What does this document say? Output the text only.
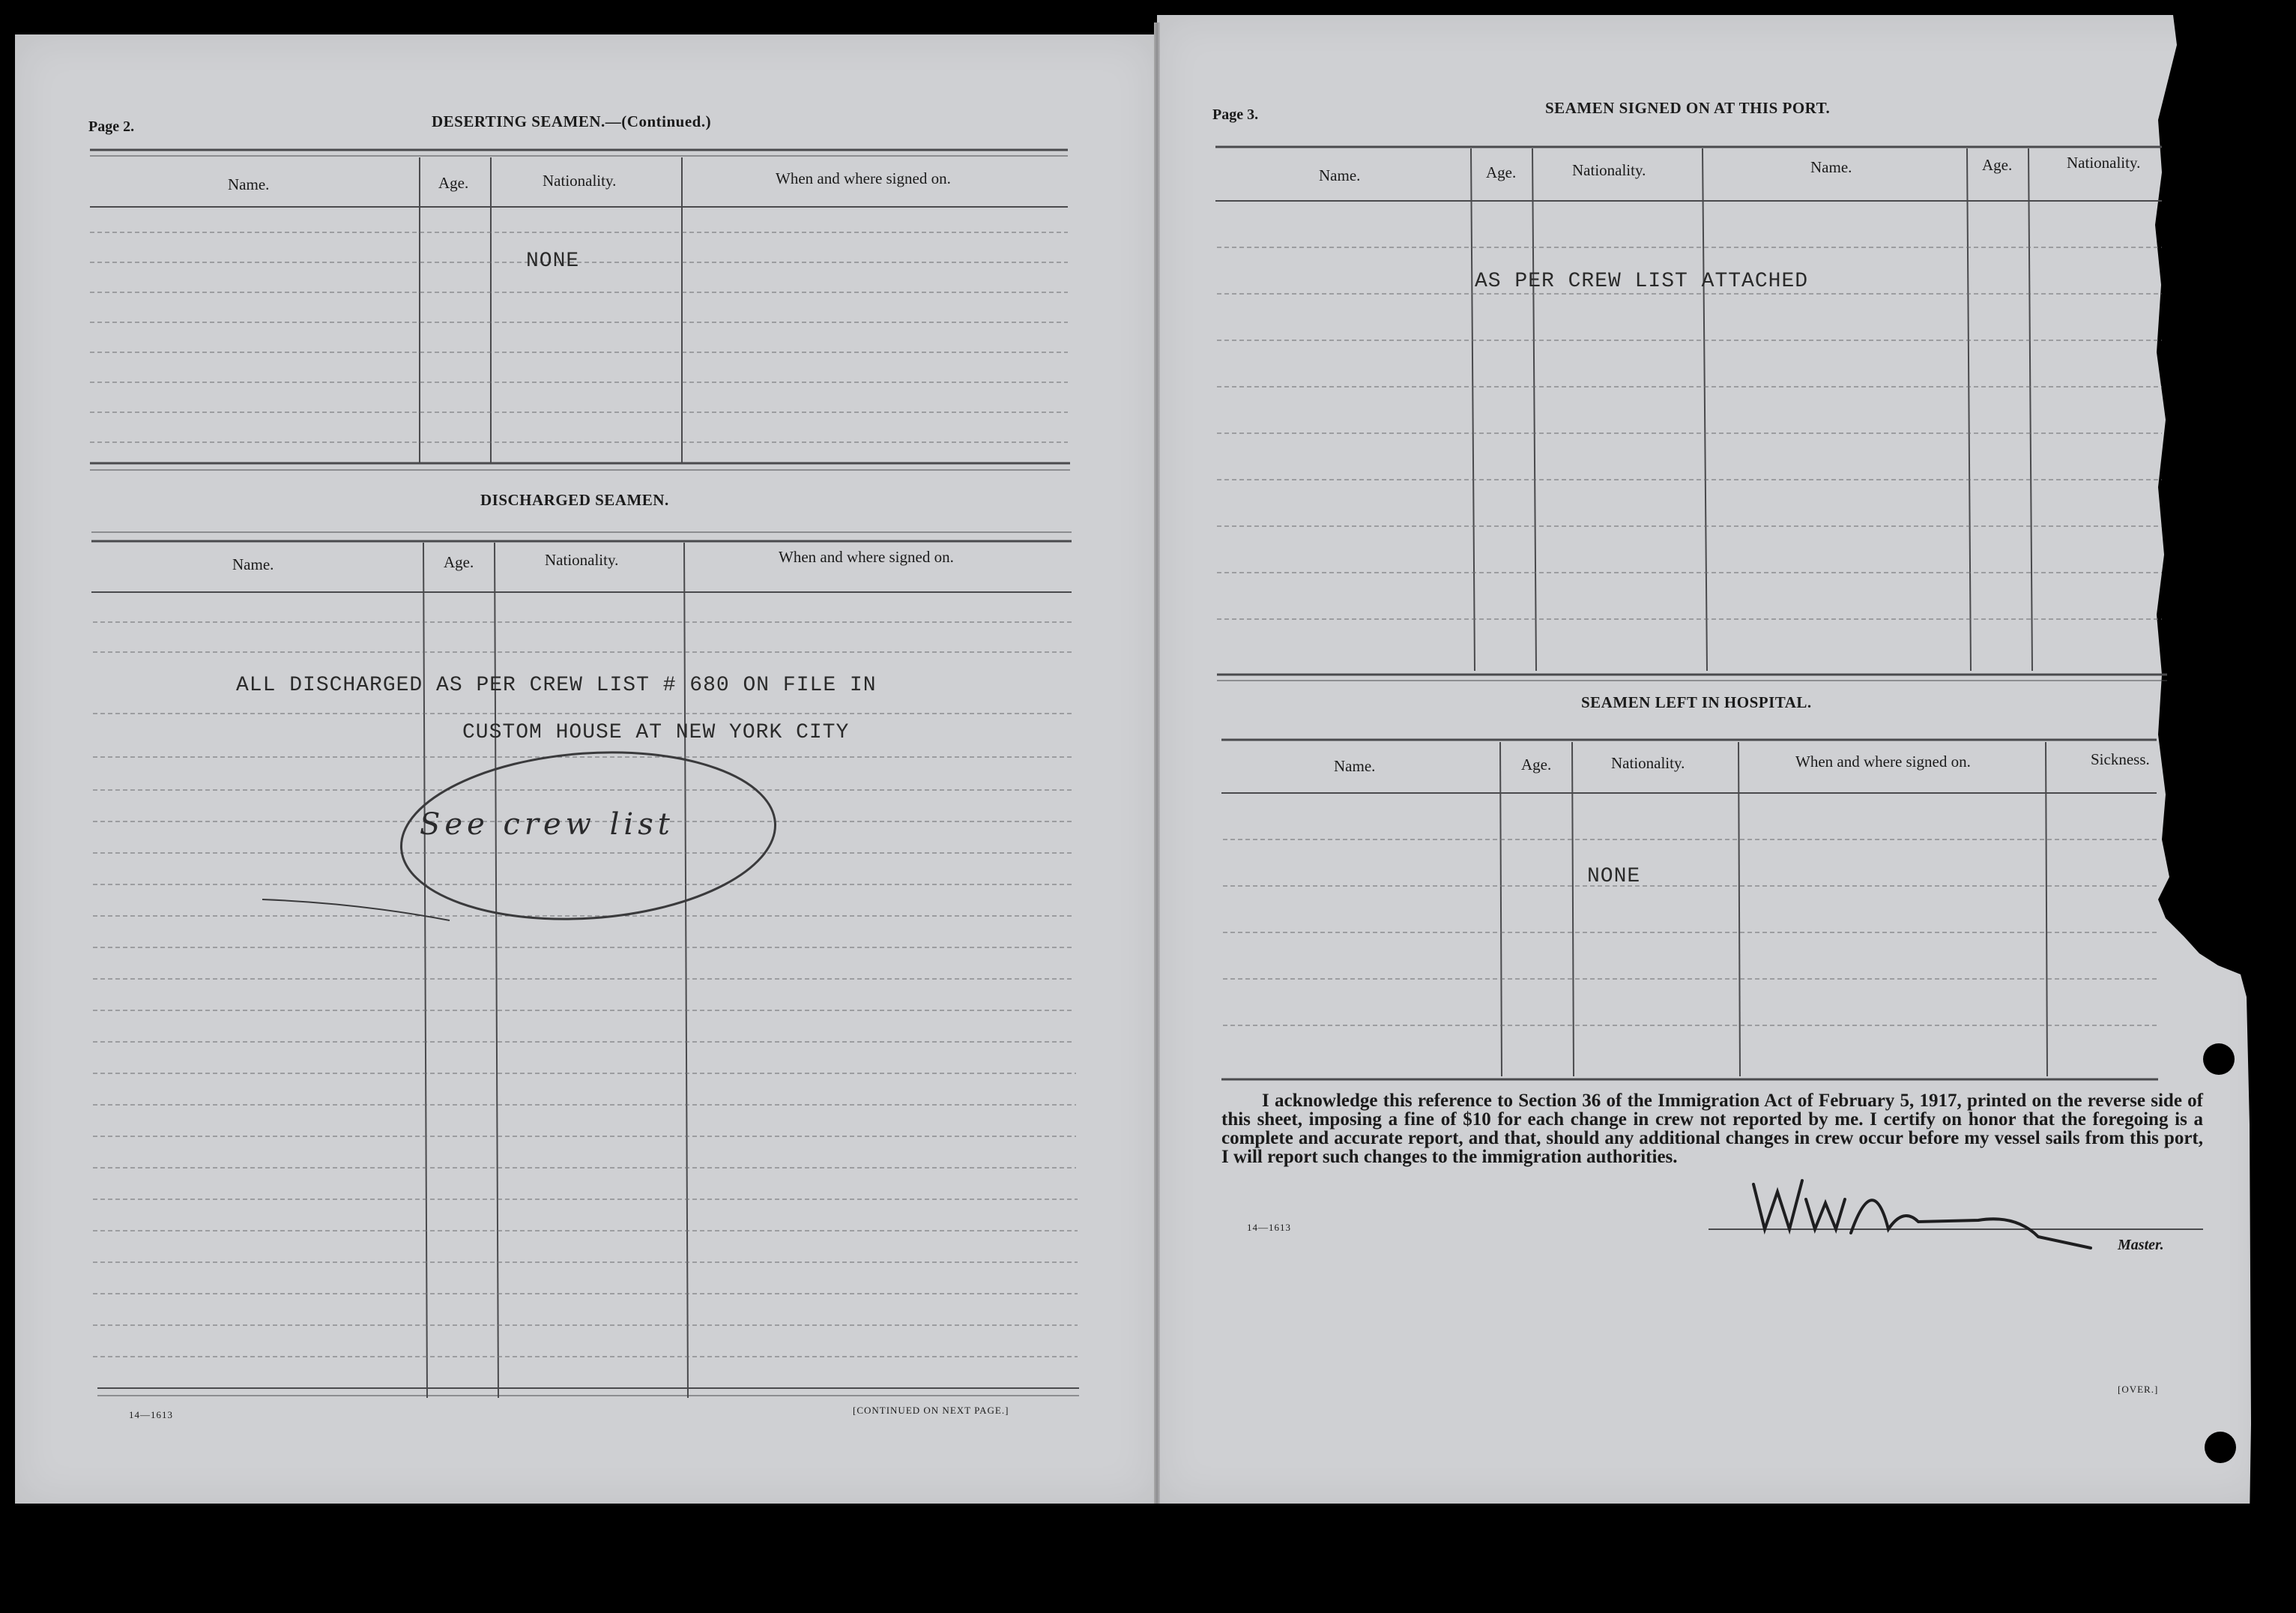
Page 2.	DESERTING SEAMEN.—(Continued.)
Name.	Age.	Nationality.	When and where signed on.
NONE
DISCHARGED SEAMEN.
Name.	Age.	Nationality.	When and where signed on.
ALL DISCHARGED AS PER CREW LIST # 680 ON FILE IN
CUSTOM HOUSE AT NEW YORK CITY
See crew list
14—1613	[CONTINUED ON NEXT PAGE.]
Page 3.	SEAMEN SIGNED ON AT THIS PORT.
Name.	Age.	Nationality.	Name.	Age.	Nationality.
AS PER CREW LIST ATTACHED
SEAMEN LEFT IN HOSPITAL.
Name.	Age.	Nationality.	When and where signed on.	Sickness.
NONE
I acknowledge this reference to Section 36 of the Immigration Act of February 5, 1917, printed on the reverse side of this sheet, imposing a fine of $10 for each change in crew not reported by me. I certify on honor that the foregoing is a complete and accurate report, and that, should any additional changes in crew occur before my vessel sails from this port, I will report such changes to the immigration authorities.
14—1613
Master.
[OVER.]
